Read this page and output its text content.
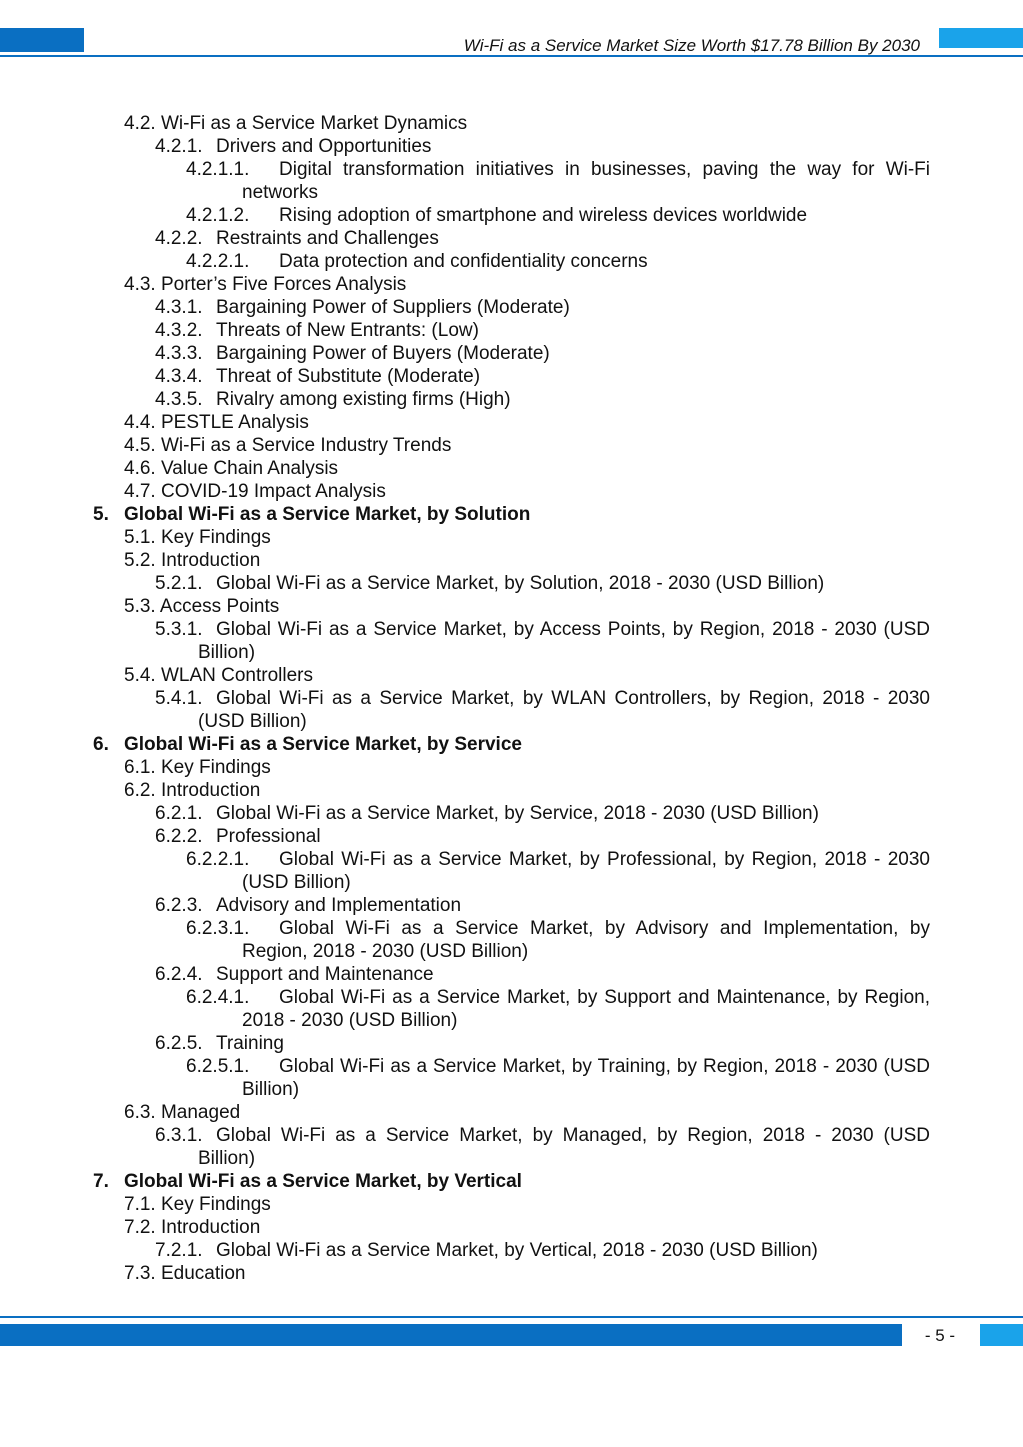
Wi-Fi as a Service Market Size Worth $17.78 Billion By 2030
4.2. Wi-Fi as a Service Market Dynamics
4.2.1. Drivers and Opportunities
4.2.1.1.	Digital transformation initiatives in businesses, paving the way for Wi-Fi networks
4.2.1.2.	Rising adoption of smartphone and wireless devices worldwide
4.2.2. Restraints and Challenges
4.2.2.1.	Data protection and confidentiality concerns
4.3. Porter’s Five Forces Analysis
4.3.1. Bargaining Power of Suppliers (Moderate)
4.3.2. Threats of New Entrants: (Low)
4.3.3. Bargaining Power of Buyers (Moderate)
4.3.4. Threat of Substitute (Moderate)
4.3.5. Rivalry among existing firms (High)
4.4. PESTLE Analysis
4.5. Wi-Fi as a Service Industry Trends
4.6. Value Chain Analysis
4.7. COVID-19 Impact Analysis
5. Global Wi-Fi as a Service Market, by Solution
5.1. Key Findings
5.2. Introduction
5.2.1. Global Wi-Fi as a Service Market, by Solution, 2018 - 2030 (USD Billion)
5.3. Access Points
5.3.1. Global Wi-Fi as a Service Market, by Access Points, by Region, 2018 - 2030 (USD Billion)
5.4. WLAN Controllers
5.4.1. Global Wi-Fi as a Service Market, by WLAN Controllers, by Region, 2018 - 2030 (USD Billion)
6. Global Wi-Fi as a Service Market, by Service
6.1. Key Findings
6.2. Introduction
6.2.1. Global Wi-Fi as a Service Market, by Service, 2018 - 2030 (USD Billion)
6.2.2. Professional
6.2.2.1.	Global Wi-Fi as a Service Market, by Professional, by Region, 2018 - 2030 (USD Billion)
6.2.3. Advisory and Implementation
6.2.3.1.	Global Wi-Fi as a Service Market, by Advisory and Implementation, by Region, 2018 - 2030 (USD Billion)
6.2.4. Support and Maintenance
6.2.4.1.	Global Wi-Fi as a Service Market, by Support and Maintenance, by Region, 2018 - 2030 (USD Billion)
6.2.5. Training
6.2.5.1.	Global Wi-Fi as a Service Market, by Training, by Region, 2018 - 2030 (USD Billion)
6.3. Managed
6.3.1. Global Wi-Fi as a Service Market, by Managed, by Region, 2018 - 2030 (USD Billion)
7. Global Wi-Fi as a Service Market, by Vertical
7.1. Key Findings
7.2. Introduction
7.2.1. Global Wi-Fi as a Service Market, by Vertical, 2018 - 2030 (USD Billion)
7.3. Education
- 5 -
